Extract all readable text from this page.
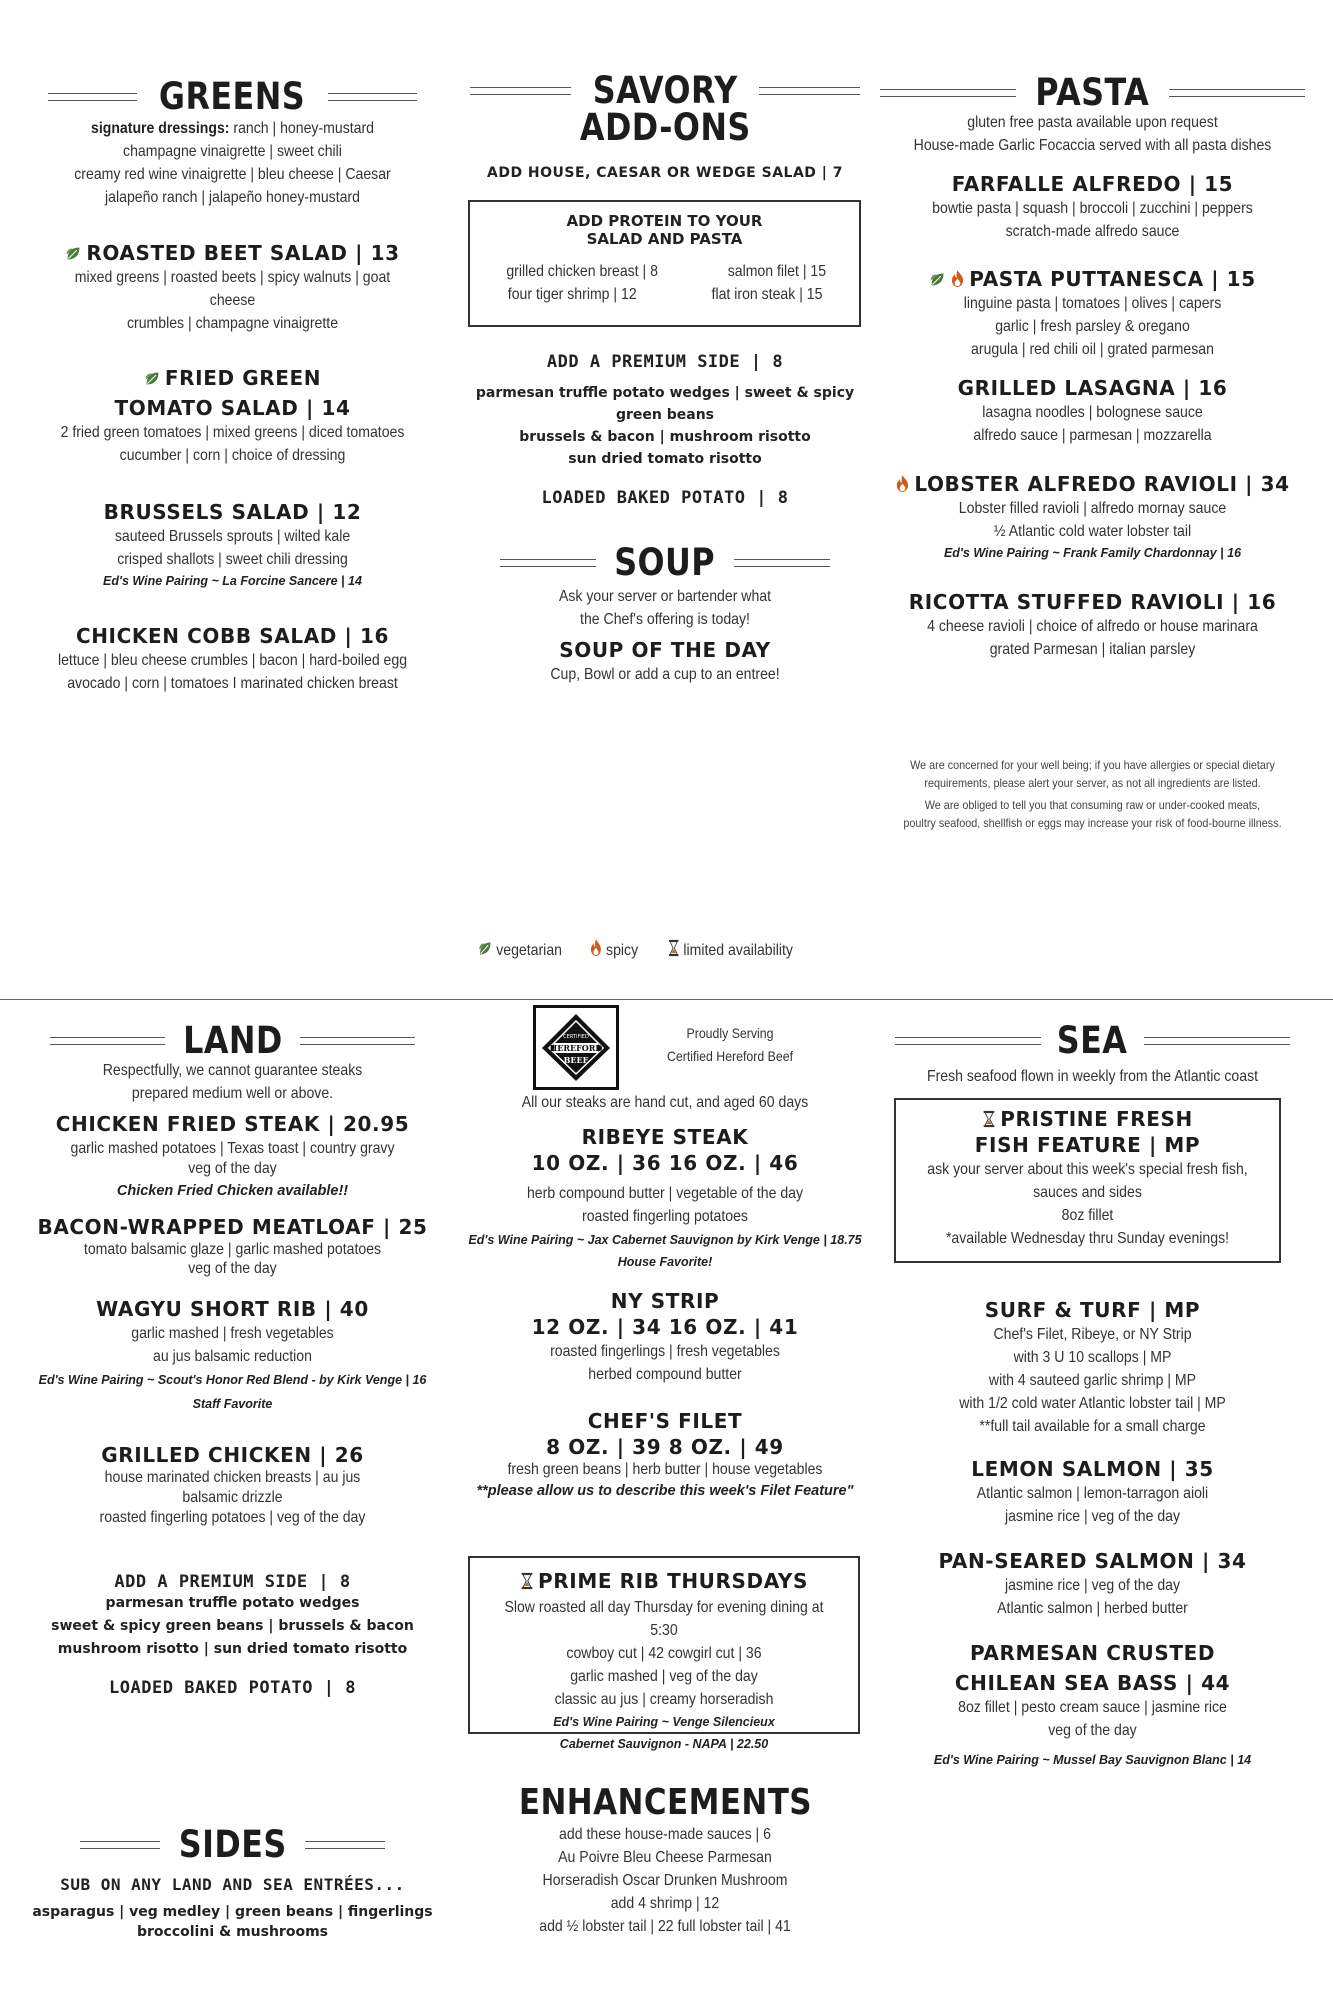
GREENS
signature dressings: ranch | honey-mustard
champagne vinaigrette | sweet chili
creamy red wine vinaigrette | bleu cheese | Caesar
jalapeño ranch | jalapeño honey-mustard
ROASTED BEET SALAD | 13
mixed greens | roasted beets | spicy walnuts | goat cheese
crumbles | champagne vinaigrette
FRIED GREEN
TOMATO SALAD | 14
2 fried green tomatoes | mixed greens | diced tomatoes
cucumber | corn | choice of dressing
BRUSSELS SALAD | 12
sauteed Brussels sprouts | wilted kale
crisped shallots | sweet chili dressing
Ed's Wine Pairing ~ La Forcine Sancere | 14
CHICKEN COBB SALAD | 16
lettuce | bleu cheese crumbles | bacon | hard-boiled egg
avocado | corn | tomatoes I marinated chicken breast
SAVORY
ADD-ONS
ADD HOUSE, CAESAR OR WEDGE SALAD | 7
ADD PROTEIN TO YOUR
SALAD AND PASTA
grilled chicken breast | 8	salmon filet | 15
four tiger shrimp | 12	flat iron steak | 15
ADD A PREMIUM SIDE | 8
parmesan truffle potato wedges | sweet & spicy green beans
brussels & bacon | mushroom risotto
sun dried tomato risotto
LOADED BAKED POTATO | 8
SOUP
Ask your server or bartender what
the Chef's offering is today!
SOUP OF THE DAY
Cup, Bowl or add a cup to an entree!
PASTA
gluten free pasta available upon request
House-made Garlic Focaccia served with all pasta dishes
FARFALLE ALFREDO | 15
bowtie pasta | squash | broccoli | zucchini | peppers
scratch-made alfredo sauce
PASTA PUTTANESCA | 15
linguine pasta | tomatoes | olives | capers
garlic | fresh parsley & oregano
arugula | red chili oil | grated parmesan
GRILLED LASAGNA | 16
lasagna noodles | bolognese sauce
alfredo sauce | parmesan | mozzarella
LOBSTER ALFREDO RAVIOLI | 34
Lobster filled ravioli | alfredo mornay sauce
½ Atlantic cold water lobster tail
Ed's Wine Pairing ~ Frank Family Chardonnay | 16
RICOTTA STUFFED RAVIOLI | 16
4 cheese ravioli | choice of alfredo or house marinara
grated Parmesan | italian parsley
We are concerned for your well being; if you have allergies or special dietary
requirements, please alert your server, as not all ingredients are listed.
We are obliged to tell you that consuming raw or under-cooked meats,
poultry seafood, shellfish or eggs may increase your risk of food-bourne illness.
vegetarian	spicy	limited availability
LAND
Respectfully, we cannot guarantee steaks
prepared medium well or above.
CHICKEN FRIED STEAK | 20.95
garlic mashed potatoes | Texas toast | country gravy
veg of the day
Chicken Fried Chicken available!!
BACON-WRAPPED MEATLOAF | 25
tomato balsamic glaze | garlic mashed potatoes
veg of the day
WAGYU SHORT RIB | 40
garlic mashed | fresh vegetables
au jus balsamic reduction
Ed's Wine Pairing ~ Scout's Honor Red Blend - by Kirk Venge | 16
Staff Favorite
GRILLED CHICKEN | 26
house marinated chicken breasts | au jus
balsamic drizzle
roasted fingerling potatoes | veg of the day
ADD A PREMIUM SIDE | 8
parmesan truffle potato wedges
sweet & spicy green beans | brussels & bacon
mushroom risotto | sun dried tomato risotto
LOADED BAKED POTATO | 8
SIDES
SUB ON ANY LAND AND SEA ENTRÉES...
asparagus | veg medley | green beans | fingerlings
broccolini & mushrooms
CERTIFIED
HEREFORD
BEEF
Proudly Serving
Certified Hereford Beef
All our steaks are hand cut, and aged 60 days
RIBEYE STEAK
10 OZ. | 36 16 OZ. | 46
herb compound butter | vegetable of the day
roasted fingerling potatoes
Ed's Wine Pairing ~ Jax Cabernet Sauvignon by Kirk Venge | 18.75
House Favorite!
NY STRIP
12 OZ. | 34 16 OZ. | 41
roasted fingerlings | fresh vegetables
herbed compound butter
CHEF'S FILET
8 OZ. | 39 8 OZ. | 49
fresh green beans | herb butter | house vegetables
**please allow us to describe this week's Filet Feature"
PRIME RIB THURSDAYS
Slow roasted all day Thursday for evening dining at 5:30
cowboy cut | 42 cowgirl cut | 36
garlic mashed | veg of the day
classic au jus | creamy horseradish
Ed's Wine Pairing ~ Venge Silencieux
Cabernet Sauvignon - NAPA | 22.50
ENHANCEMENTS
add these house-made sauces | 6
Au Poivre Bleu Cheese Parmesan
Horseradish Oscar Drunken Mushroom
add 4 shrimp | 12
add ½ lobster tail | 22 full lobster tail | 41
SEA
Fresh seafood flown in weekly from the Atlantic coast
PRISTINE FRESH
FISH FEATURE | MP
ask your server about this week's special fresh fish,
sauces and sides
8oz fillet
*available Wednesday thru Sunday evenings!
SURF & TURF | MP
Chef's Filet, Ribeye, or NY Strip
with 3 U 10 scallops | MP
with 4 sauteed garlic shrimp | MP
with 1/2 cold water Atlantic lobster tail | MP
**full tail available for a small charge
LEMON SALMON | 35
Atlantic salmon | lemon-tarragon aioli
jasmine rice | veg of the day
PAN-SEARED SALMON | 34
jasmine rice | veg of the day
Atlantic salmon | herbed butter
PARMESAN CRUSTED
CHILEAN SEA BASS | 44
8oz fillet | pesto cream sauce | jasmine rice
veg of the day
Ed's Wine Pairing ~ Mussel Bay Sauvignon Blanc | 14
